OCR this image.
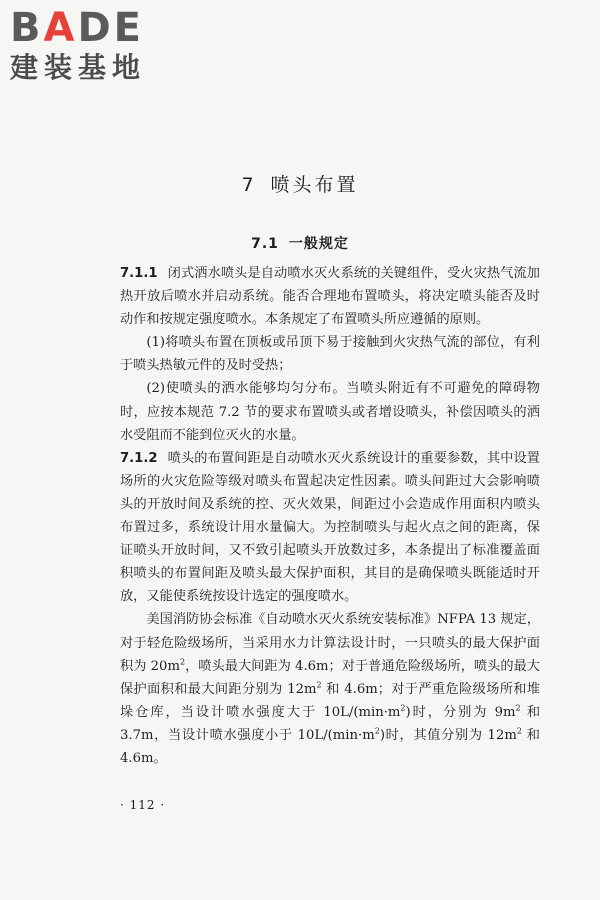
BADE
建装基地
7 喷头布置
7.1 一般规定

7.1.1 闭式洒水喷头是自动喷水灭火系统的关键组件，受火灾热气流加热开放后喷水并启动系统。能否合理地布置喷头，将决定喷头能否及时动作和按规定强度喷水。本条规定了布置喷头所应遵循的原则。

(1)将喷头布置在顶板或吊顶下易于接触到火灾热气流的部位，有利于喷头热敏元件的及时受热；

(2)使喷头的洒水能够均匀分布。当喷头附近有不可避免的障碍物时，应按本规范 7.2 节的要求布置喷头或者增设喷头，补偿因喷头的洒水受阻而不能到位灭火的水量。

7.1.2 喷头的布置间距是自动喷水灭火系统设计的重要参数，其中设置场所的火灾危险等级对喷头布置起决定性因素。喷头间距过大会影响喷头的开放时间及系统的控、灭火效果，间距过小会造成作用面积内喷头布置过多，系统设计用水量偏大。为控制喷头与起火点之间的距离，保证喷头开放时间，又不致引起喷头开放数过多，本条提出了标准覆盖面积喷头的布置间距及喷头最大保护面积，其目的是确保喷头既能适时开放，又能使系统按设计选定的强度喷水。

美国消防协会标准《自动喷水灭火系统安装标准》NFPA 13 规定，对于轻危险级场所，当采用水力计算法设计时，一只喷头的最大保护面积为 $20m^2$，喷头最大间距为 4.6m；对于普通危险级场所，喷头的最大保护面积和最大间距分别为 $12m^2$ 和 4.6m；对于严重危险级场所和堆垛仓库，当设计喷水强度大于 $10L/(\min\cdot m^2)$时，分别为 $9m^2$ 和 3.7m，当设计喷水强度小于 $10L/(\min\cdot m^2)$时，其值分别为 $12m^2$ 和 4.6m。

· 112 ·
